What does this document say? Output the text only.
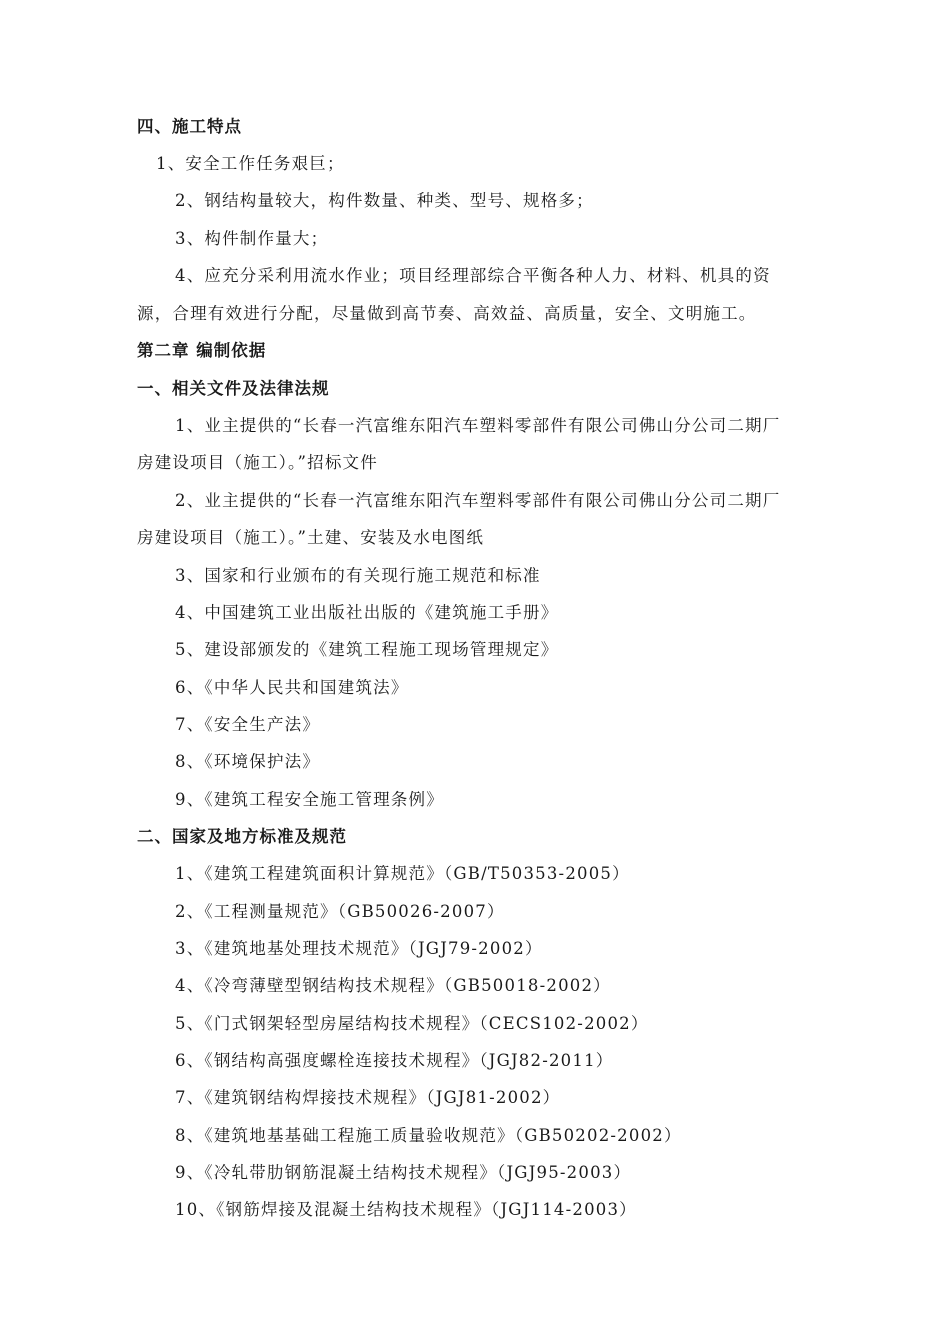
四、施工特点
1、安全工作任务艰巨；
2、钢结构量较大，构件数量、种类、型号、规格多；
3、构件制作量大；
4、应充分采利用流水作业；项目经理部综合平衡各种人力、材料、机具的资
源，合理有效进行分配，尽量做到高节奏、高效益、高质量，安全、文明施工。
第二章 编制依据
一、相关文件及法律法规
1、业主提供的“长春一汽富维东阳汽车塑料零部件有限公司佛山分公司二期厂
房建设项目（施工）。”招标文件
2、业主提供的“长春一汽富维东阳汽车塑料零部件有限公司佛山分公司二期厂
房建设项目（施工）。”土建、安装及水电图纸
3、国家和行业颁布的有关现行施工规范和标准
4、中国建筑工业出版社出版的《建筑施工手册》
5、建设部颁发的《建筑工程施工现场管理规定》
6、《中华人民共和国建筑法》
7、《安全生产法》
8、《环境保护法》
9、《建筑工程安全施工管理条例》
二、国家及地方标准及规范
1、《建筑工程建筑面积计算规范》（GB/T50353-2005）
2、《工程测量规范》（GB50026-2007）
3、《建筑地基处理技术规范》（JGJ79-2002）
4、《冷弯薄壁型钢结构技术规程》（GB50018-2002）
5、《门式钢架轻型房屋结构技术规程》（CECS102-2002）
6、《钢结构高强度螺栓连接技术规程》（JGJ82-2011）
7、《建筑钢结构焊接技术规程》（JGJ81-2002）
8、《建筑地基基础工程施工质量验收规范》（GB50202-2002）
9、《冷轧带肋钢筋混凝土结构技术规程》（JGJ95-2003）
10、《钢筋焊接及混凝土结构技术规程》（JGJ114-2003）
